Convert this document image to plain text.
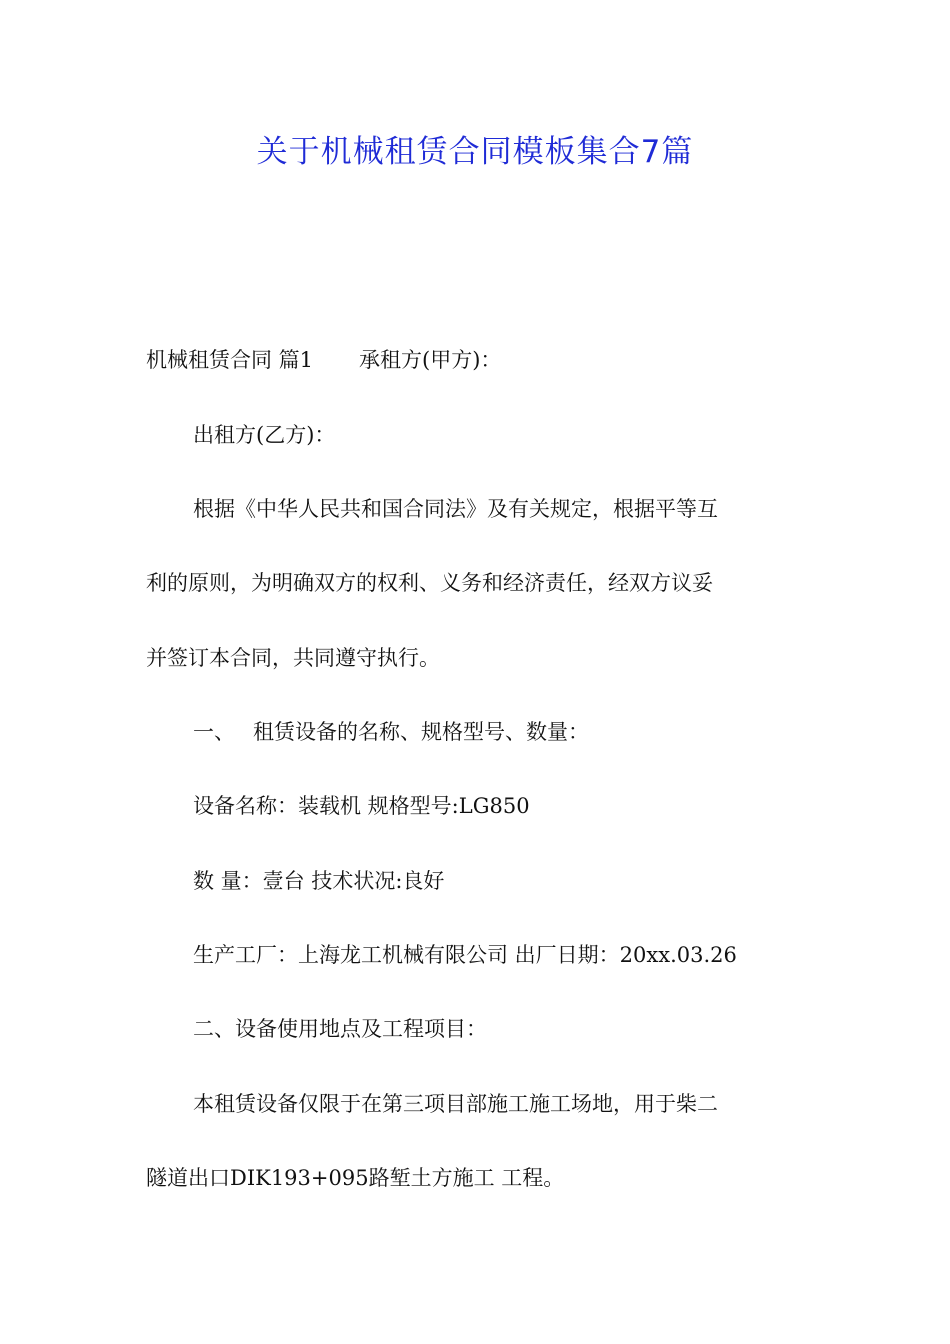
关于机械租赁合同模板集合7篇
机械租赁合同 篇1 承租方(甲方)：
出租方(乙方)：
根据《中华人民共和国合同法》及有关规定，根据平等互
利的原则，为明确双方的权利、义务和经济责任，经双方议妥
并签订本合同，共同遵守执行。
一、 租赁设备的名称、规格型号、数量：
设备名称：装载机 规格型号:LG850
数 量：壹台 技术状况:良好
生产工厂：上海龙工机械有限公司 出厂日期：20xx.03.26
二、设备使用地点及工程项目：
本租赁设备仅限于在第三项目部施工施工场地，用于柴二
隧道出口DIK193+095路堑土方施工 工程。
